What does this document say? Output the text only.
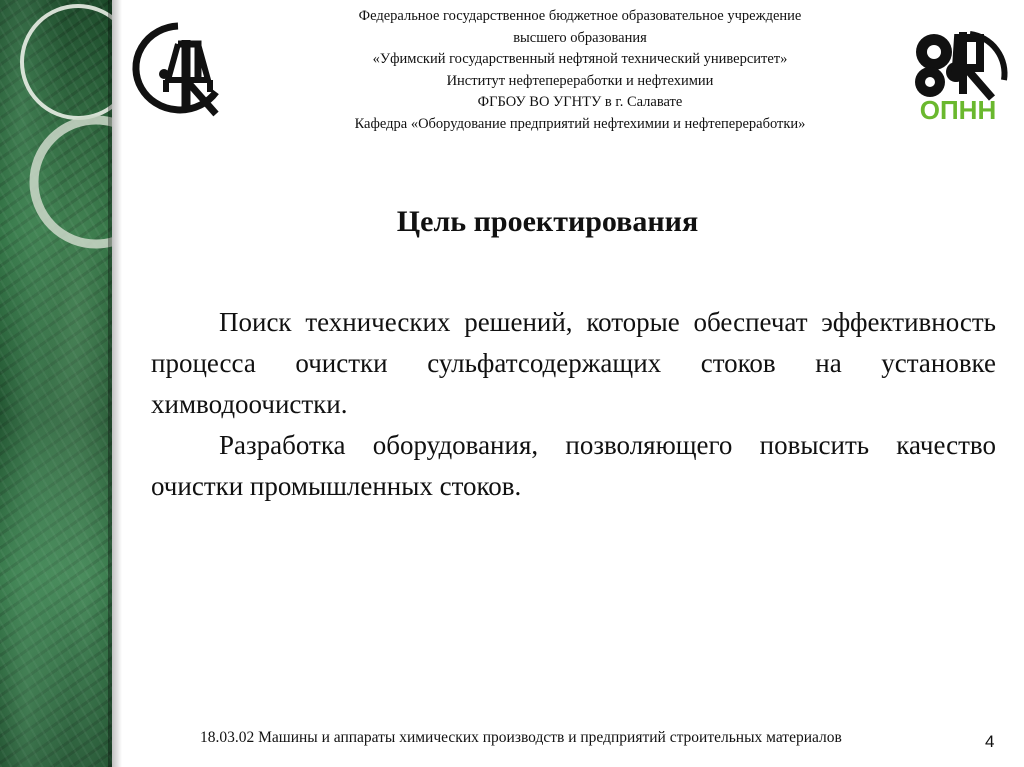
ОПНН
Федеральное государственное бюджетное образовательное учреждение
высшего образования
«Уфимский государственный нефтяной технический университет»
Институт нефтепереработки и нефтехимии
ФГБОУ ВО УГНТУ в г. Салавате
Кафедра «Оборудование предприятий нефтехимии и нефтепереработки»
Цель проектирования

Поиск технических решений, которые обеспечат эффективность процесса очистки сульфатсодержащих стоков на установке химводоочистки.

Разработка оборудования, позволяющего повысить качество очистки промышленных стоков.

18.03.02 Машины и аппараты химических производств и предприятий строительных материалов	4
